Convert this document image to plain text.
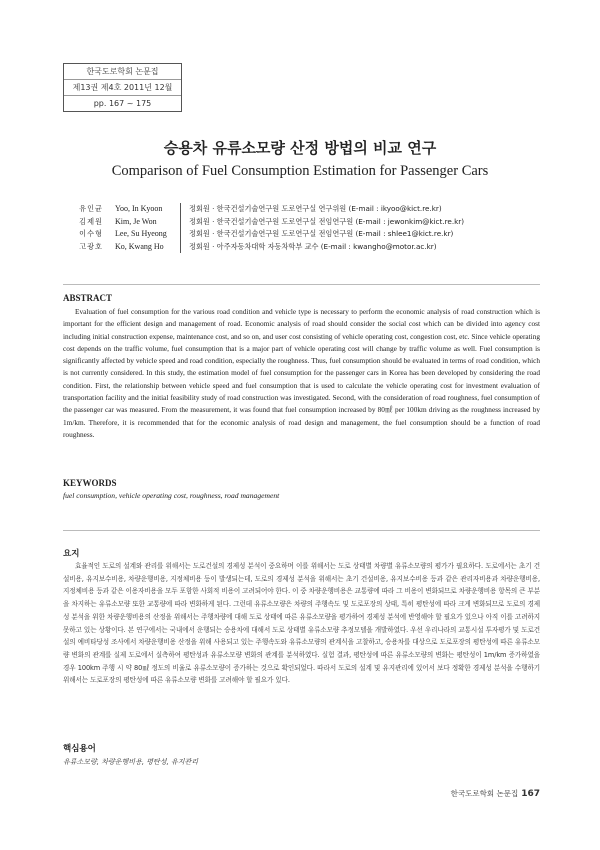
한국도로학회 논문집
제13권 제4호 2011년 12월
pp. 167 ~ 175
승용차 유류소모량 산정 방법의 비교 연구
Comparison of Fuel Consumption Estimation for Passenger Cars
유인균	Yoo, In Kyoon	정회원 · 한국건설기술연구원 도로연구실 연구위원 (E-mail : ikyoo@kict.re.kr)
김제원	Kim, Je Won	정회원 · 한국건설기술연구원 도로연구실 전임연구원 (E-mail : jewonkim@kict.re.kr)
이수형	Lee, Su Hyeong	정회원 · 한국건설기술연구원 도로연구실 전임연구원 (E-mail : shlee1@kict.re.kr)
고광호	Ko, Kwang Ho	정회원 · 아주자동차대학 자동차학부 교수 (E-mail : kwangho@motor.ac.kr)
ABSTRACT
Evaluation of fuel consumption for the various road condition and vehicle type is necessary to perform the economic analysis of road construction which is important for the efficient design and management of road. Economic analysis of road should consider the social cost which can be divided into agency cost including initial construction expense, maintenance cost, and so on, and user cost consisting of vehicle operating cost, congestion cost, etc. Since vehicle operating cost depends on the traffic volume, fuel consumption that is a major part of vehicle operating cost will change by traffic volume as well. Fuel consumption is significantly affected by vehicle speed and road condition, especially the roughness. Thus, fuel consumption should be evaluated in terms of road condition, which is not currently considered. In this study, the estimation model of fuel consumption for the passenger cars in Korea has been developed by considering the road condition. First, the relationship between vehicle speed and fuel consumption that is used to calculate the vehicle operating cost for investment evaluation of transportation facility and the initial feasibility study of road construction was investigated. Second, with the consideration of road roughness, fuel consumption of the passenger car was measured. From the measurement, it was found that fuel consumption increased by 80㎖ per 100km driving as the roughness increased by 1m/km. Therefore, it is recommended that for the economic analysis of road design and management, the fuel consumption should be a function of road roughness.
KEYWORDS
fuel consumption, vehicle operating cost, roughness, road management
요지
효율적인 도로의 설계와 관리를 위해서는 도로건설의 경제성 분석이 중요하며 이를 위해서는 도로 상태별 차량별 유류소모량의 평가가 필요하다. 도로에서는 초기 건설비용, 유지보수비용, 차량운행비용, 지정체비용 등이 발생되는데, 도로의 경제성 분석을 위해서는 초기 건설비용, 유지보수비용 등과 같은 관리자비용과 차량운행비용, 지정체비용 등과 같은 이용자비용을 모두 포함한 사회적 비용이 고려되어야 한다. 이 중 차량운행비용은 교통량에 따라 그 비용이 변화되므로 차량운행비용 항목의 큰 부분을 차지하는 유류소모량 또한 교통량에 따라 변화하게 된다. 그런데 유류소모량은 차량의 주행속도 및 도로포장의 상태, 특히 평탄성에 따라 크게 변화되므로 도로의 경제성 분석을 위한 차량운행비용의 산정을 위해서는 주행차량에 대해 도로 상태에 따른 유류소모량을 평가하여 경제성 분석에 반영해야 할 필요가 있으나 아직 이를 고려하지 못하고 있는 상황이다. 본 연구에서는 국내에서 운행되는 승용차에 대해서 도로 상태별 유류소모량 추정모델을 개발하였다. 우선 우리나라의 교통시설 투자평가 및 도로건설의 예비타당성 조사에서 차량운행비용 산정을 위해 사용되고 있는 주행속도와 유류소모량의 관계식을 고찰하고, 승용차를 대상으로 도로포장의 평탄성에 따른 유류소모량 변화의 관계를 실제 도로에서 실측하여 평탄성과 유류소모량 변화의 관계를 분석하였다. 실험 결과, 평탄성에 따른 유류소모량의 변화는 평탄성이 1m/km 증가하였을 경우 100km 주행 시 약 80㎖ 정도의 비율로 유류소모량이 증가하는 것으로 확인되었다. 따라서 도로의 설계 및 유지관리에 있어서 보다 정확한 경제성 분석을 수행하기 위해서는 도로포장의 평탄성에 따른 유류소모량 변화를 고려해야 할 필요가 있다.
핵심용어
유류소모량, 차량운행비용, 평탄성, 유지관리
한국도로학회 논문집 167
